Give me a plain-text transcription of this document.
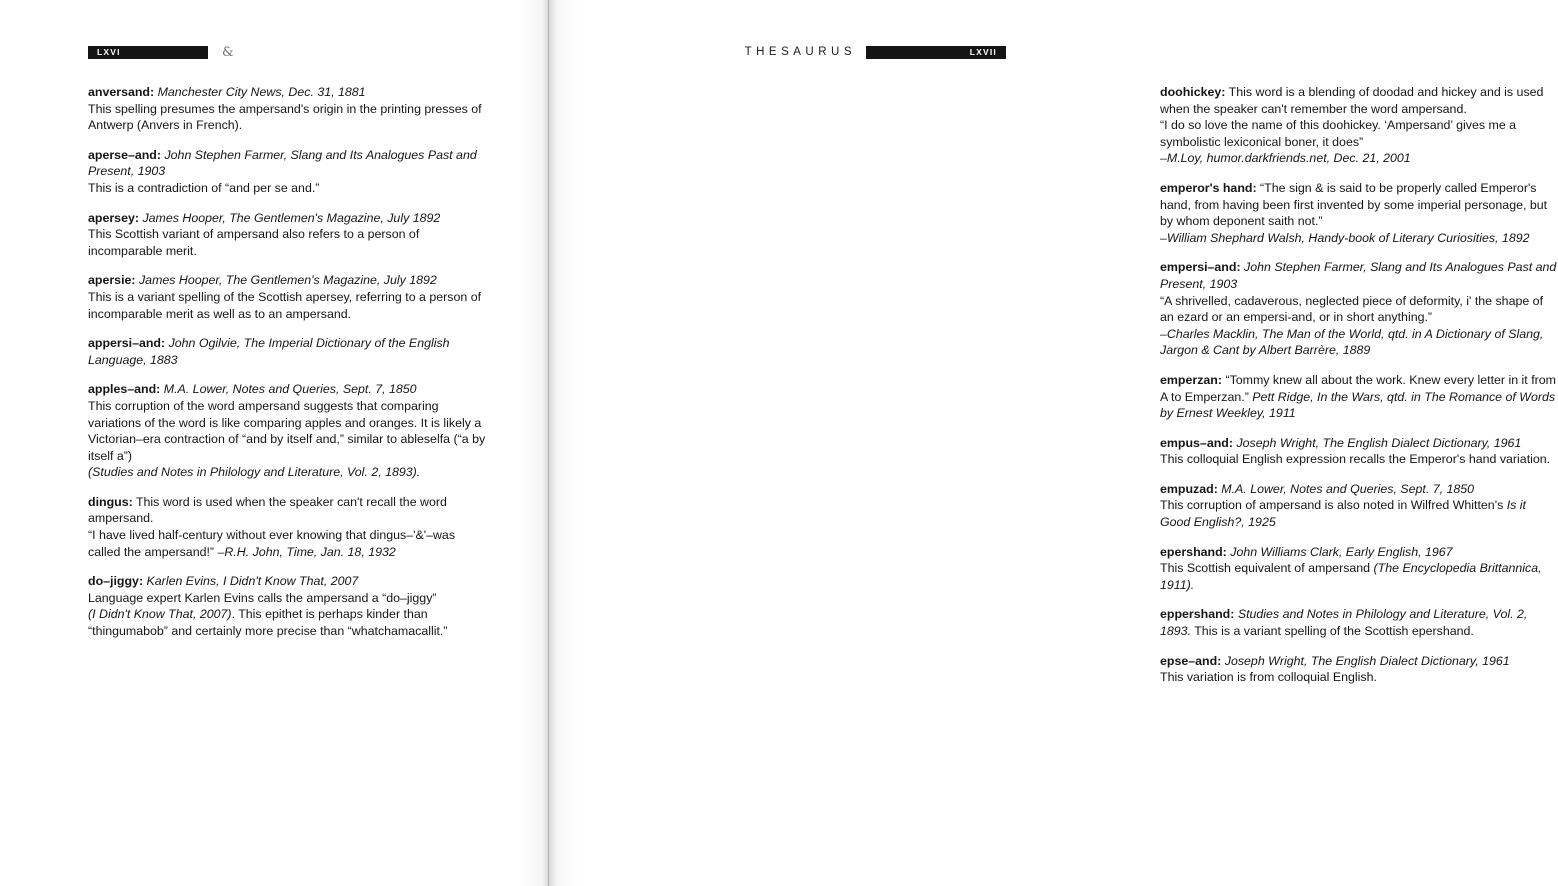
LXVI	&

anversand: Manchester City News, Dec. 31, 1881

This spelling presumes the ampersand's origin in the printing presses of Antwerp (Anvers in French).

aperse–and: John Stephen Farmer, Slang and Its Analogues Past and Present, 1903

This is a contradiction of “and per se and.”

apersey: James Hooper, The Gentlemen's Magazine, July 1892

This Scottish variant of ampersand also refers to a person of incomparable merit.

apersie: James Hooper, The Gentlemen's Magazine, July 1892

This is a variant spelling of the Scottish apersey, referring to a person of incomparable merit as well as to an ampersand.

appersi–and: John Ogilvie, The Imperial Dictionary of the English Language, 1883

apples–and: M.A. Lower, Notes and Queries, Sept. 7, 1850

This corruption of the word ampersand suggests that comparing variations of the word is like comparing apples and oranges. It is likely a Victorian–era contraction of “and by itself and,” similar to ableselfa (“a by itself a”)

(Studies and Notes in Philology and Literature, Vol. 2, 1893).

dingus: This word is used when the speaker can't recall the word ampersand.

“I have lived half-century without ever knowing that dingus–'&'–was called the ampersand!” –R.H. John, Time, Jan. 18, 1932

do–jiggy: Karlen Evins, I Didn't Know That, 2007

Language expert Karlen Evins calls the ampersand a “do–jiggy”

(I Didn't Know That, 2007). This epithet is perhaps kinder than “thingumabob” and certainly more precise than “whatchamacallit.”

THESAURUS	LXVII

doohickey: This word is a blending of doodad and hickey and is used when the speaker can't remember the word ampersand.

“I do so love the name of this doohickey. ‘Ampersand’ gives me a symbolistic lexiconical boner, it does”

–M.Loy, humor.darkfriends.net, Dec. 21, 2001

emperor's hand: “The sign & is said to be properly called Emperor's hand, from having been first invented by some imperial personage, but by whom deponent saith not.”

–William Shephard Walsh, Handy-book of Literary Curiosities, 1892

empersi–and: John Stephen Farmer, Slang and Its Analogues Past and Present, 1903

“A shrivelled, cadaverous, neglected piece of deformity, i' the shape of an ezard or an empersi-and, or in short anything.”

–Charles Macklin, The Man of the World, qtd. in A Dictionary of Slang, Jargon & Cant by Albert Barrère, 1889

emperzan: “Tommy knew all about the work. Knew every letter in it from A to Emperzan.” Pett Ridge, In the Wars, qtd. in The Romance of Words by Ernest Weekley, 1911

empus–and: Joseph Wright, The English Dialect Dictionary, 1961

This colloquial English expression recalls the Emperor's hand variation.

empuzad: M.A. Lower, Notes and Queries, Sept. 7, 1850

This corruption of ampersand is also noted in Wilfred Whitten's Is it Good English?, 1925

epershand: John Williams Clark, Early English, 1967

This Scottish equivalent of ampersand (The Encyclopedia Brittannica, 1911).

eppershand: Studies and Notes in Philology and Literature, Vol. 2, 1893. This is a variant spelling of the Scottish epershand.

epse–and: Joseph Wright, The English Dialect Dictionary, 1961

This variation is from colloquial English.
